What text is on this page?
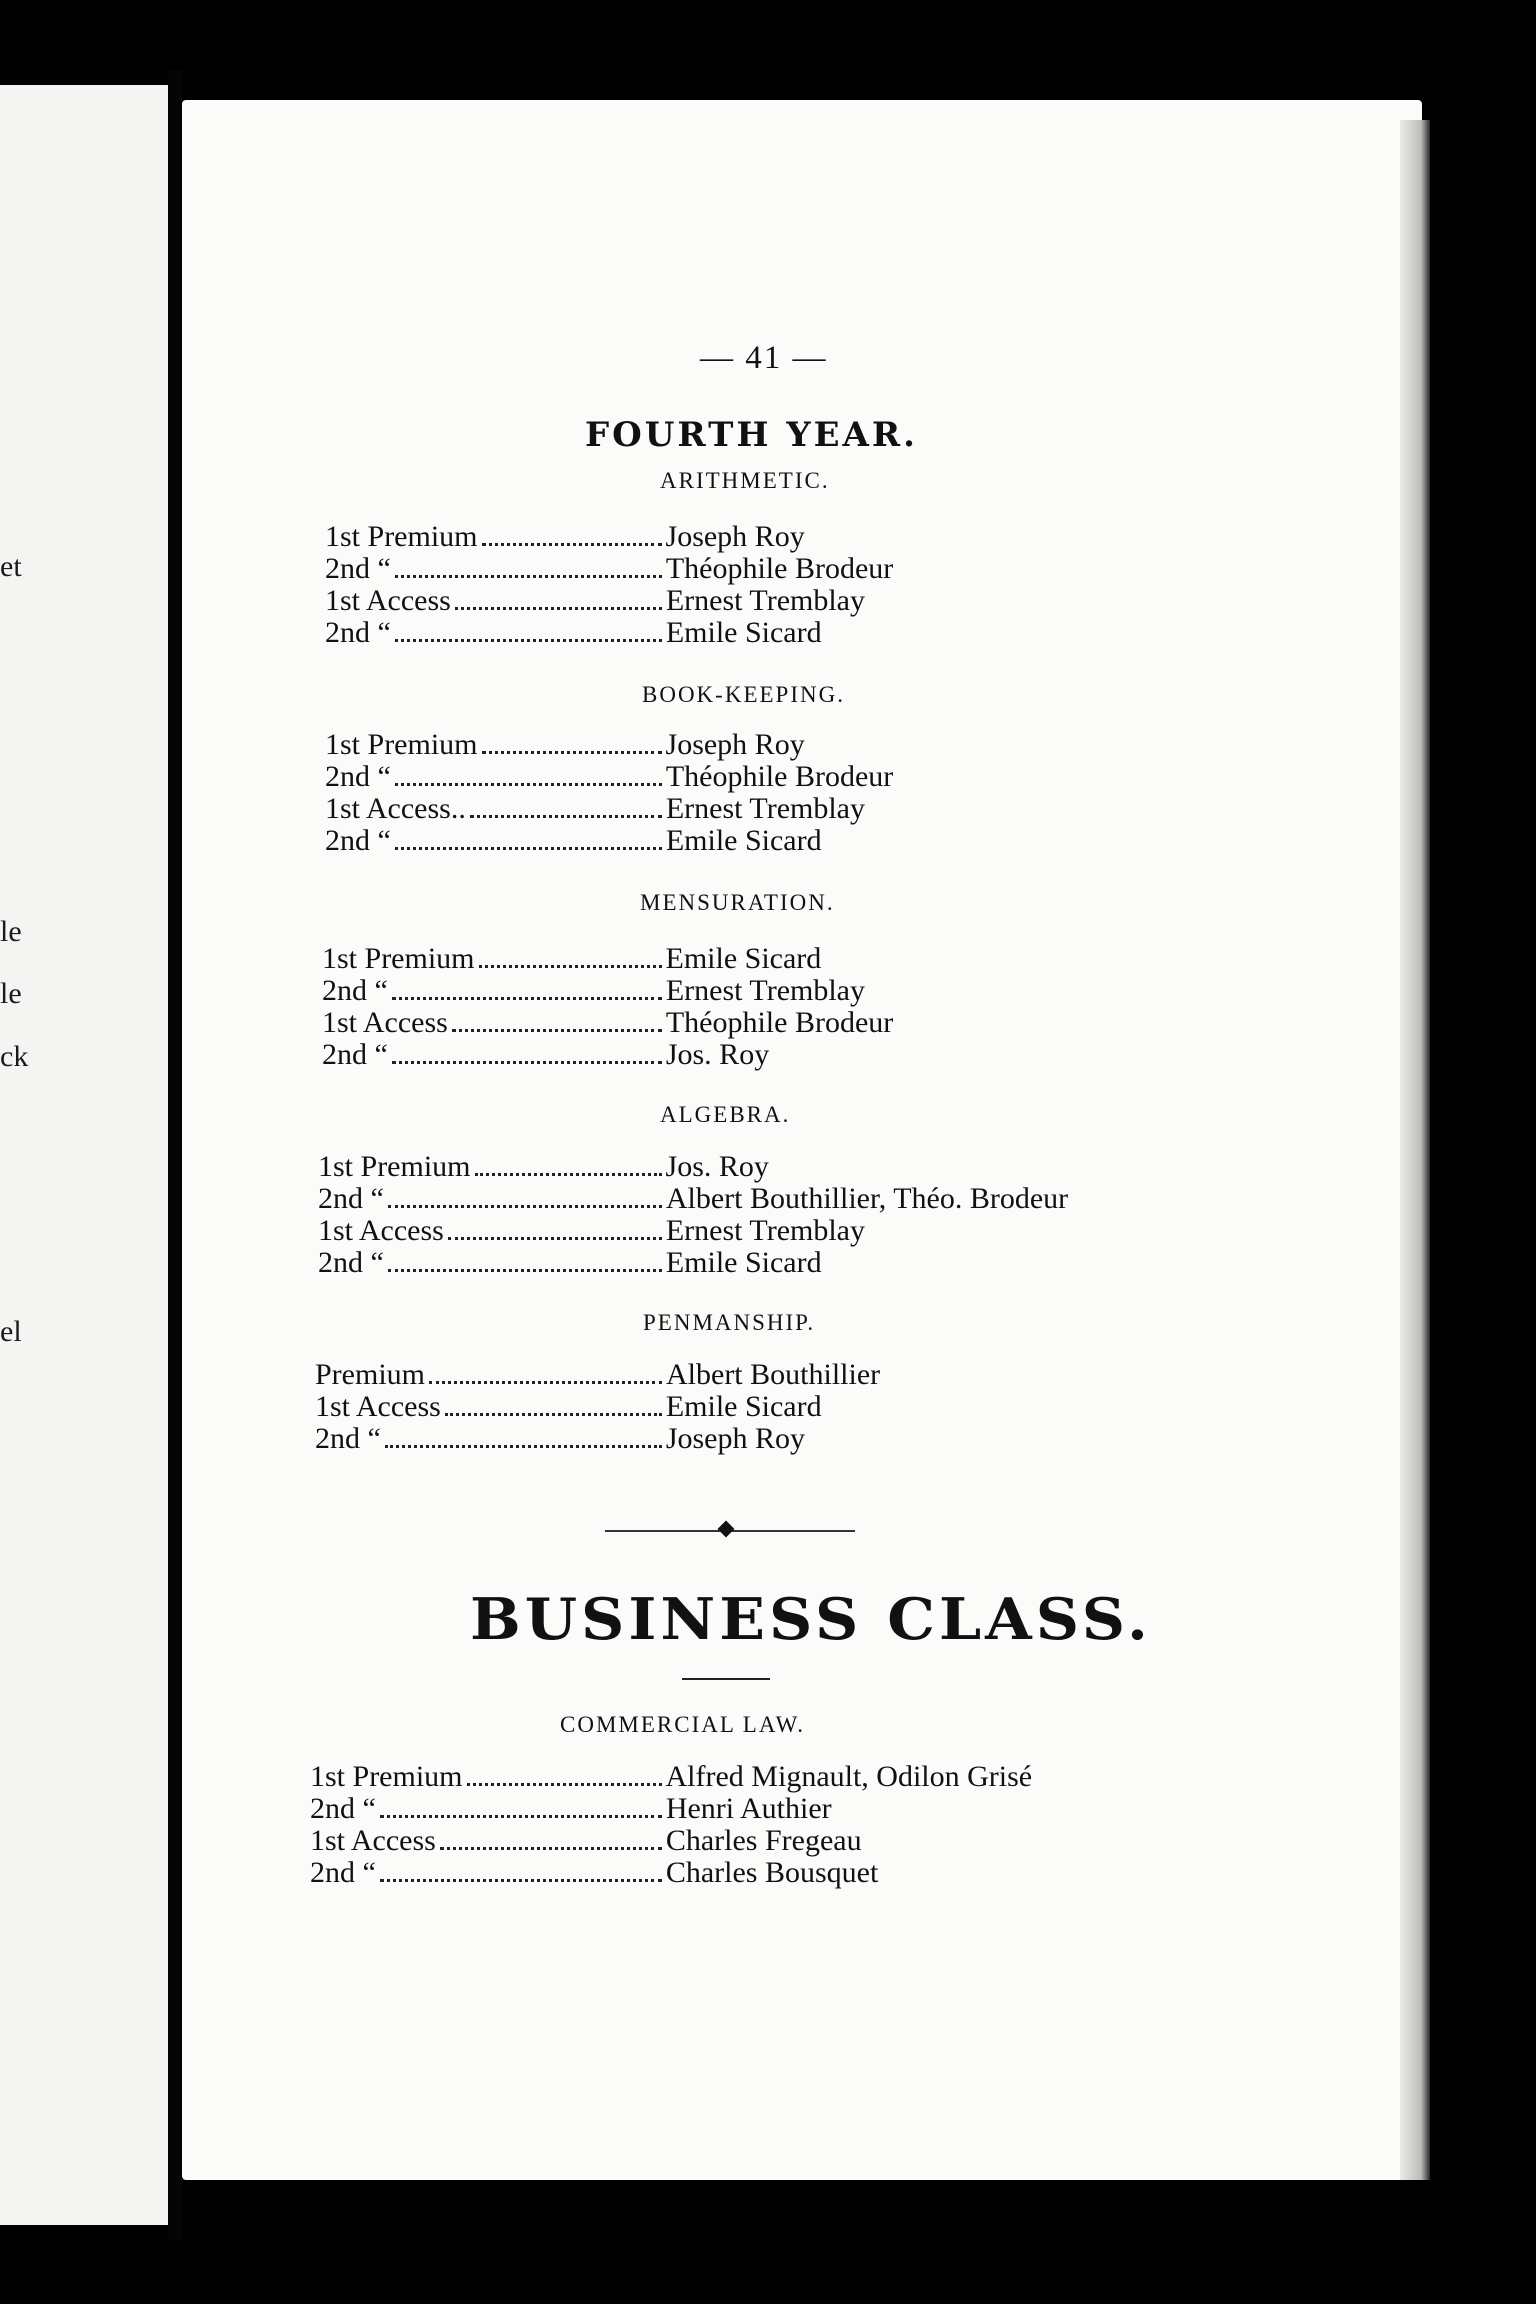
et
le
le
ck
el
— 41 —
FOURTH YEAR.
ARITHMETIC.
1st Premium	Joseph Roy
2nd “	Théophile Brodeur
1st Access	Ernest Tremblay
2nd “	Emile Sicard
BOOK-KEEPING.
1st Premium	Joseph Roy
2nd “	Théophile Brodeur
1st Access..	Ernest Tremblay
2nd “	Emile Sicard
MENSURATION.
1st Premium	Emile Sicard
2nd “	Ernest Tremblay
1st Access	Théophile Brodeur
2nd “	Jos. Roy
ALGEBRA.
1st Premium	Jos. Roy
2nd “	Albert Bouthillier, Théo. Brodeur
1st Access	Ernest Tremblay
2nd “	Emile Sicard
PENMANSHIP.
Premium	Albert Bouthillier
1st Access	Emile Sicard
2nd “	Joseph Roy
BUSINESS CLASS.
COMMERCIAL LAW.
1st Premium	Alfred Mignault, Odilon Grisé
2nd “	Henri Authier
1st Access	Charles Fregeau
2nd “	Charles Bousquet
